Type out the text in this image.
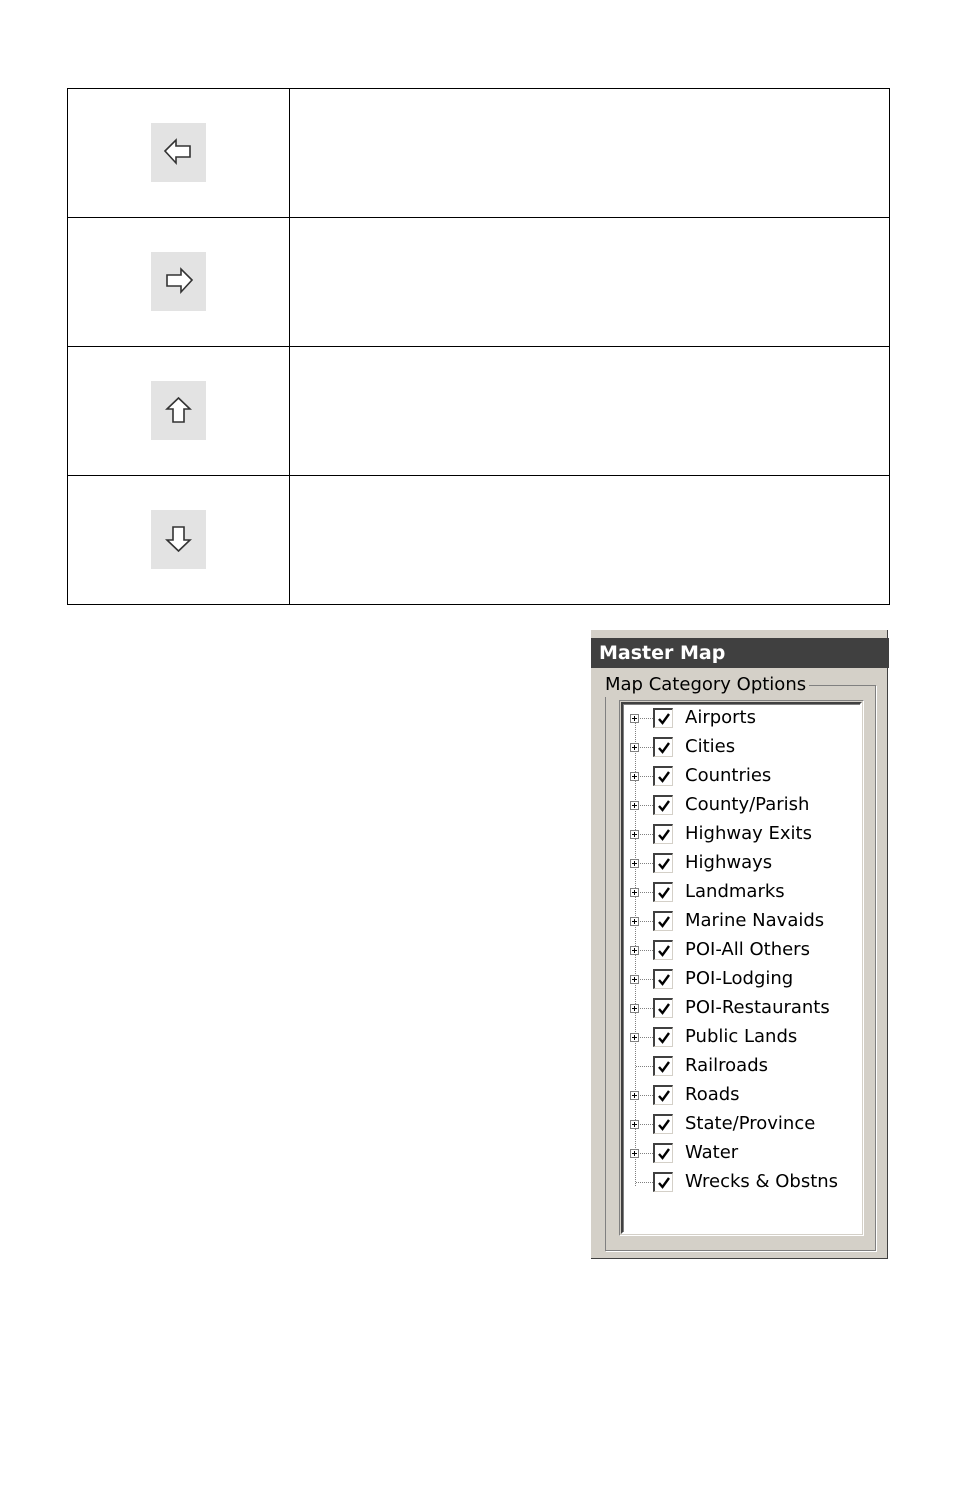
Master Map
Map Category Options
Airports
Cities
Countries
County/Parish
Highway Exits
Highways
Landmarks
Marine Navaids
POI-All Others
POI-Lodging
POI-Restaurants
Public Lands
Railroads
Roads
State/Province
Water
Wrecks & Obstns
